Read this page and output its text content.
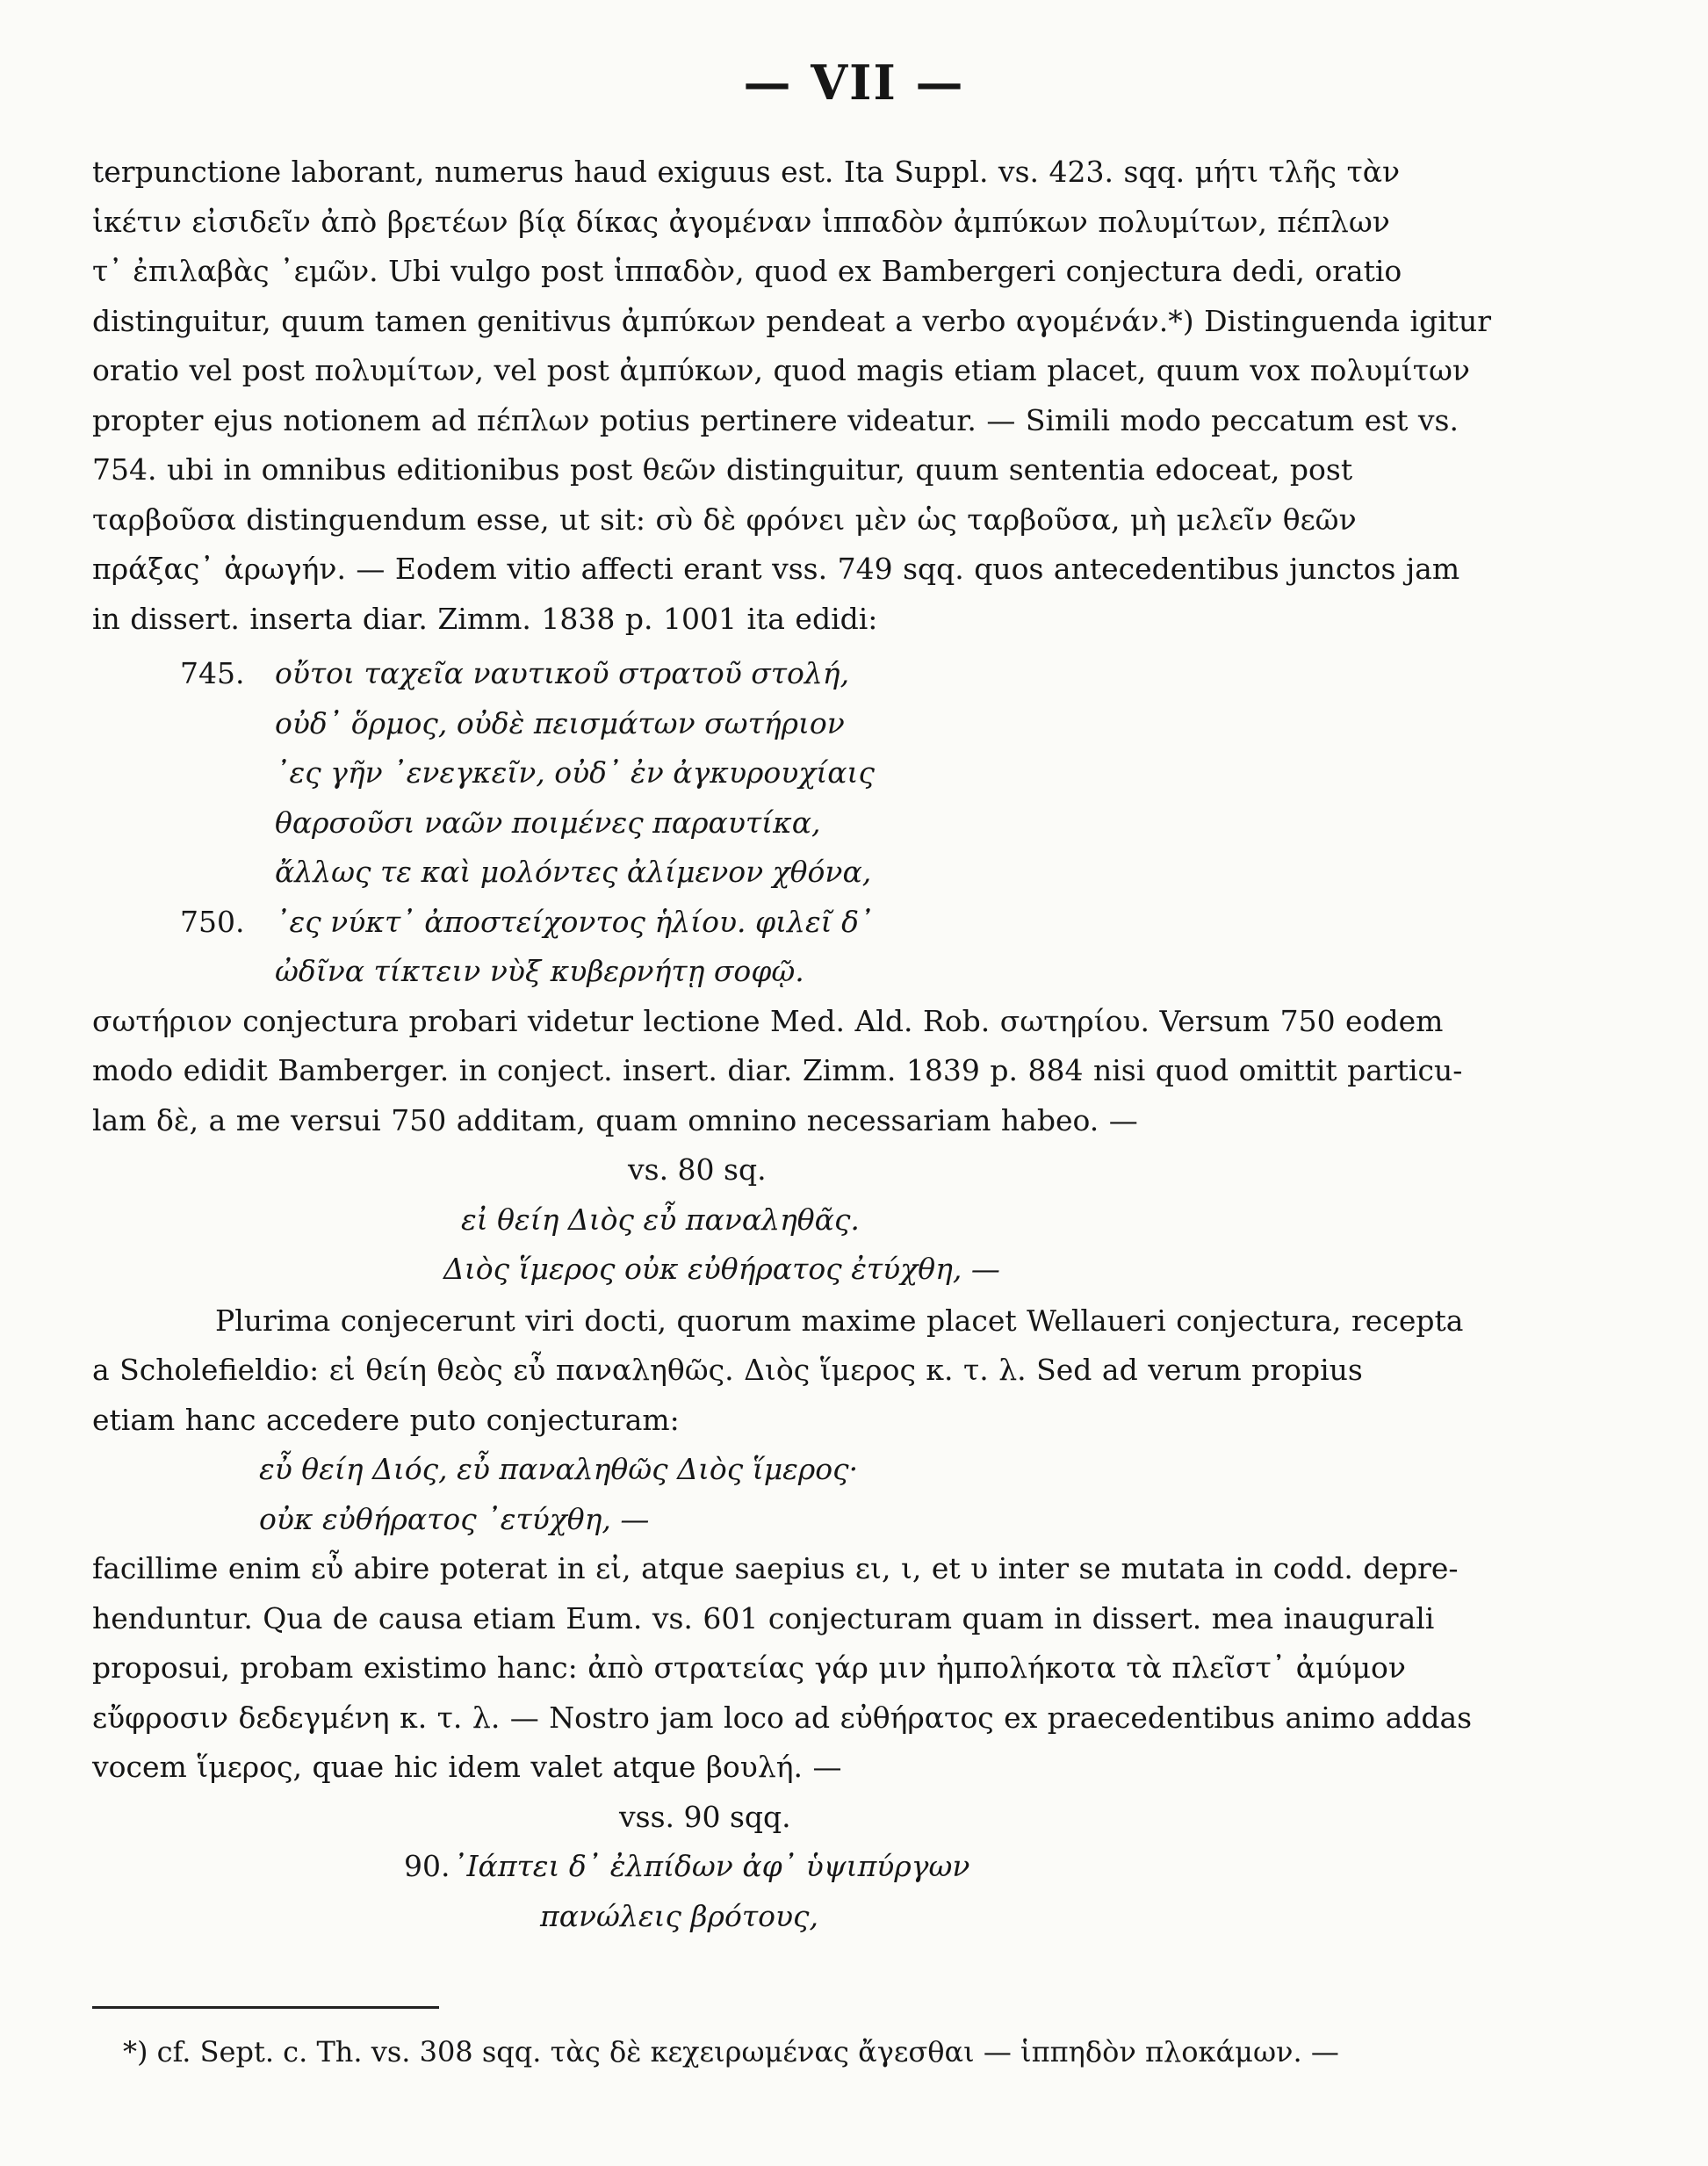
— VII —

terpunctione laborant, numerus haud exiguus est. Ita Suppl. vs. 423. sqq. μήτι τλῆς τὰν

ἱκέτιν εἰσιδεῖν ἀπὸ βρετέων βίᾳ δίκας ἀγομέναν ἱππαδὸν ἀμπύκων πολυμίτων, πέπλων

τ᾽ ἐπιλαβὰς ᾽εμῶν. Ubi vulgo post ἱππαδὸν, quod ex Bambergeri conjectura dedi, oratio

distinguitur, quum tamen genitivus ἀμπύκων pendeat a verbo αγομένάν.*) Distinguenda igitur

oratio vel post πολυμίτων, vel post ἀμπύκων, quod magis etiam placet, quum vox πολυμίτων

propter ejus notionem ad πέπλων potius pertinere videatur. — Simili modo peccatum est vs.

754. ubi in omnibus editionibus post θεῶν distinguitur, quum sententia edoceat, post

ταρβοῦσα distinguendum esse, ut sit: σὺ δὲ φρόνει μὲν ὡς ταρβοῦσα, μὴ μελεῖν θεῶν

πράξας᾽ ἀρωγήν. — Eodem vitio affecti erant vss. 749 sqq. quos antecedentibus junctos jam

in dissert. inserta diar. Zimm. 1838 p. 1001 ita edidi:

745. οὔτοι ταχεῖα ναυτικοῦ στρατοῦ στολή,
οὐδ᾽ ὅρμος, οὐδὲ πεισμάτων σωτήριον
᾽ες γῆν ᾽ενεγκεῖν, οὐδ᾽ ἐν ἀγκυρουχίαις
θαρσοῦσι ναῶν ποιμένες παραυτίκα,
ἄλλως τε καὶ μολόντες ἀλίμενον χθόνα,
750. ᾽ες νύκτ᾽ ἀποστείχοντος ἡλίου. φιλεῖ δ᾽
ὠδῖνα τίκτειν νὺξ κυβερνήτῃ σοφῷ.

σωτήριον conjectura probari videtur lectione Med. Ald. Rob. σωτηρίου. Versum 750 eodem

modo edidit Bamberger. in conject. insert. diar. Zimm. 1839 p. 884 nisi quod omittit particu-

lam δὲ, a me versui 750 additam, quam omnino necessariam habeo. —

vs. 80 sq.

εἰ θείη Διὸς εὖ παναληθᾶς.
Διὸς ἵμερος οὐκ εὐθήρατος ἐτύχθη, —

Plurima conjecerunt viri docti, quorum maxime placet Wellaueri conjectura, recepta

a Scholefieldio: εἰ θείη θεὸς εὖ παναληθῶς. Διὸς ἵμερος κ. τ. λ. Sed ad verum propius

etiam hanc accedere puto conjecturam:

εὖ θείη Διός, εὖ παναληθῶς Διὸς ἵμερος·
οὐκ εὐθήρατος ᾽ετύχθη, —

facillime enim εὖ abire poterat in εἰ, atque saepius ει, ι, et υ inter se mutata in codd. depre-

henduntur. Qua de causa etiam Eum. vs. 601 conjecturam quam in dissert. mea inaugurali

proposui, probam existimo hanc: ἀπὸ στρατείας γάρ μιν ἠμπολήκοτα τὰ πλεῖστ᾽ ἀμύμον

εὔφροσιν δεδεγμένη κ. τ. λ. — Nostro jam loco ad εὐθήρατος ex praecedentibus animo addas

vocem ἵμερος, quae hic idem valet atque βουλή. —

vss. 90 sqq.

90. ᾽Ιάπτει δ᾽ ἐλπίδων ἀφ᾽ ὑψιπύργων
πανώλεις βρότους,
*) cf. Sept. c. Th. vs. 308 sqq. τὰς δὲ κεχειρωμένας ἄγεσθαι — ἱππηδὸν πλοκάμων. —
